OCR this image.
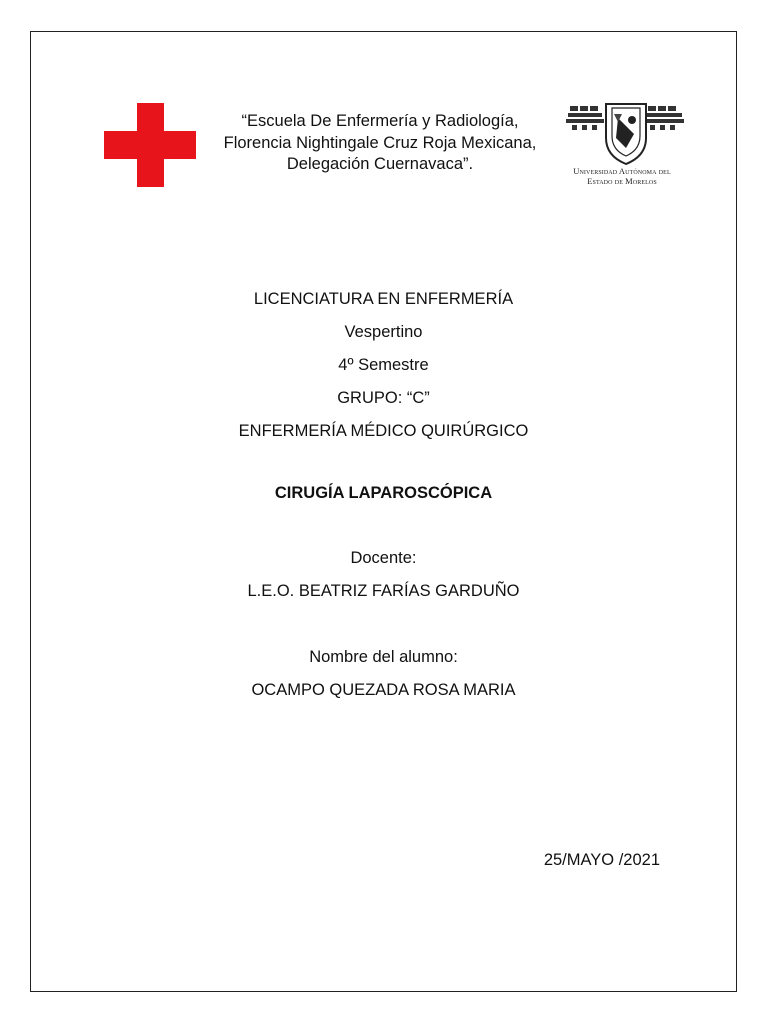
“Escuela De Enfermería y Radiología,
Florencia Nightingale Cruz Roja Mexicana,
Delegación Cuernavaca”.	Universidad Autónoma del
Estado de Morelos
LICENCIATURA EN ENFERMERÍA
Vespertino
4º Semestre
GRUPO: “C”
ENFERMERÍA MÉDICO QUIRÚRGICO
CIRUGÍA LAPAROSCÓPICA
Docente:
L.E.O. BEATRIZ FARÍAS GARDUÑO
Nombre del alumno:
OCAMPO QUEZADA ROSA MARIA
25/MAYO /2021
